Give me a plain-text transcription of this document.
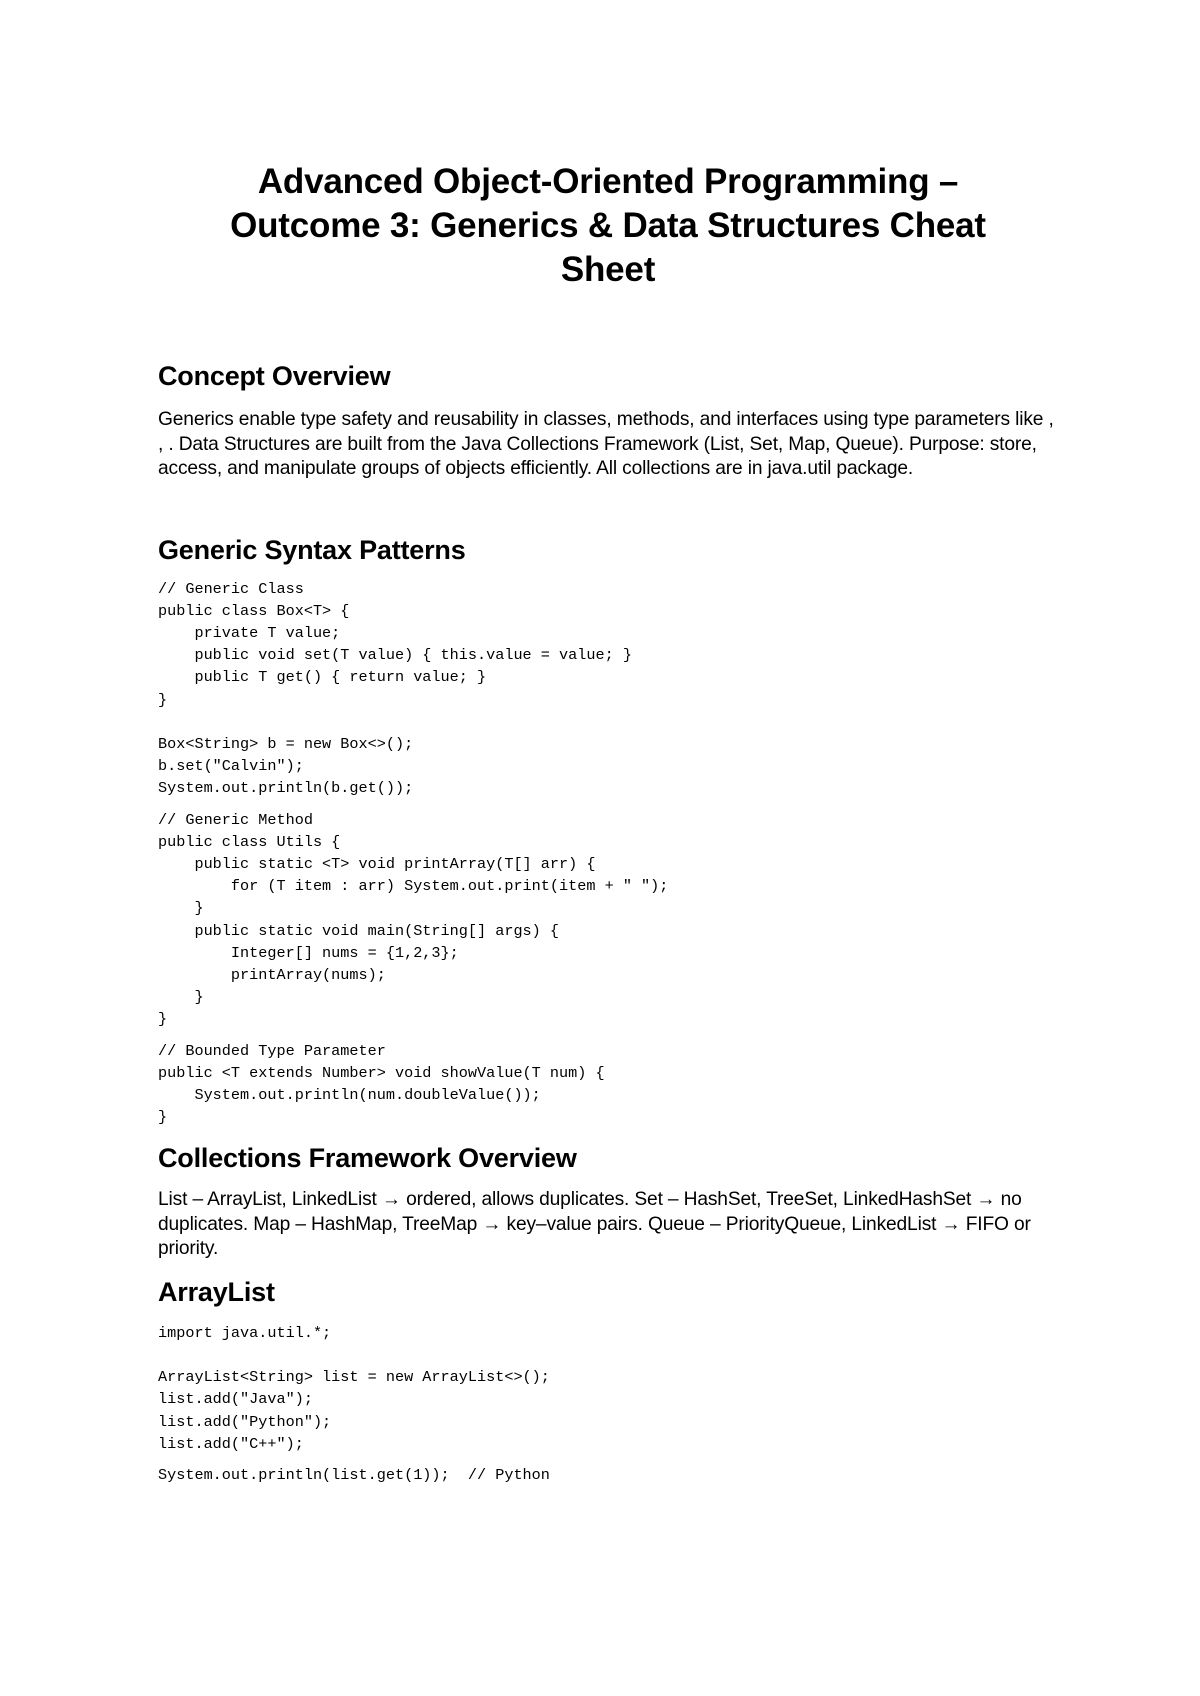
Advanced Object-Oriented Programming –
Outcome 3: Generics & Data Structures Cheat
Sheet
Concept Overview

Generics enable type safety and reusability in classes, methods, and interfaces using type parameters like , , . Data Structures are built from the Java Collections Framework (List, Set, Map, Queue). Purpose: store, access, and manipulate groups of objects efficiently. All collections are in java.util package.

Generic Syntax Patterns
// Generic Class
public class Box<T> {
private T value;
public void set(T value) { this.value = value; }
public T get() { return value; }
}

Box<String> b = new Box<>();
b.set("Calvin");
System.out.println(b.get());
// Generic Method
public class Utils {
public static <T> void printArray(T[] arr) {
for (T item : arr) System.out.print(item + " ");
}
public static void main(String[] args) {
Integer[] nums = {1,2,3};
printArray(nums);
}
}
// Bounded Type Parameter
public <T extends Number> void showValue(T num) {
System.out.println(num.doubleValue());
}
Collections Framework Overview

List – ArrayList, LinkedList → ordered, allows duplicates. Set – HashSet, TreeSet, LinkedHashSet → no duplicates. Map – HashMap, TreeMap → key–value pairs. Queue – PriorityQueue, LinkedList → FIFO or priority.

ArrayList
import java.util.*;

ArrayList<String> list = new ArrayList<>();
list.add("Java");
list.add("Python");
list.add("C++");
System.out.println(list.get(1));  // Python
